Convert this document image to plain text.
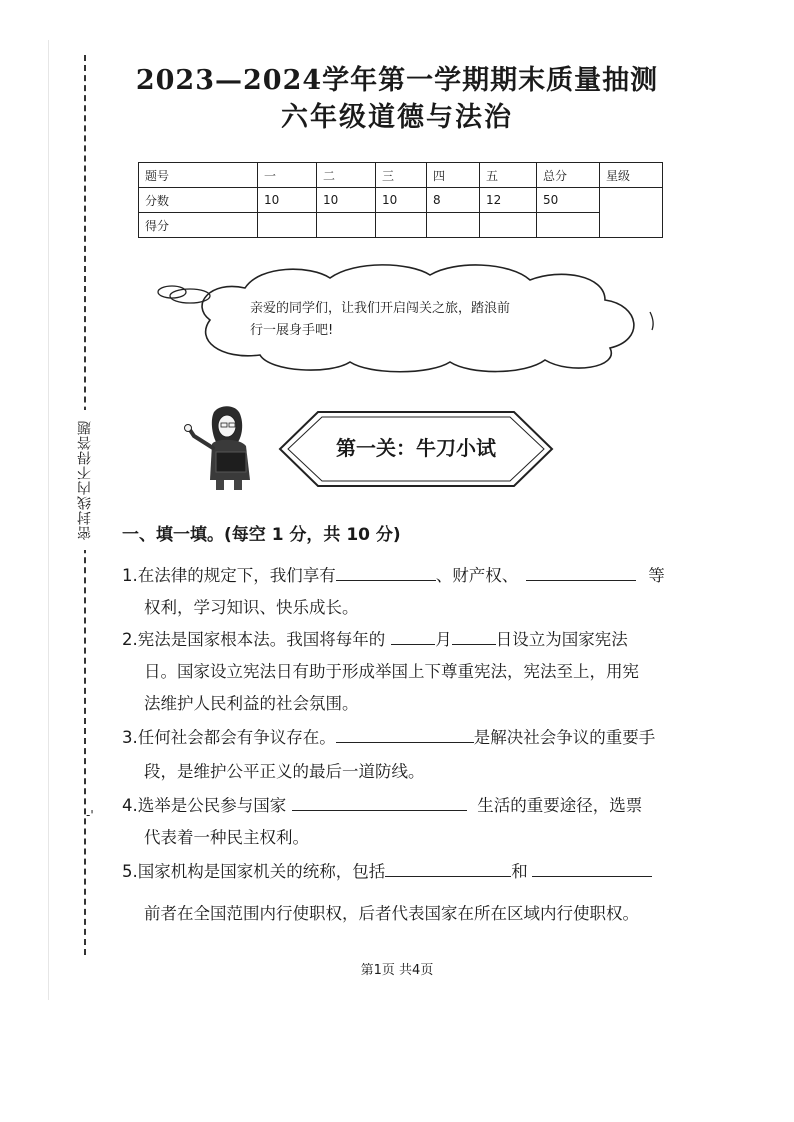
密封线内不得答题
-'
2023—2024学年第一学期期末质量抽测
六年级道德与法治
题号	一	二	三	四	五	总分	星级
分数	10	10	10	8	12	50	
得分							
亲爱的同学们，让我们开启闯关之旅，踏浪前
行一展身手吧!
第一关：牛刀小试
一、填一填。(每空 1 分，共 10 分)
1.在法律的规定下，我们享有	、财产权、	等
权利，学习知识、快乐成长。
2.宪法是国家根本法。我国将每年的	月	日设立为国家宪法
日。国家设立宪法日有助于形成举国上下尊重宪法，宪法至上，用宪
法维护人民利益的社会氛围。
3.任何社会都会有争议存在。	是解决社会争议的重要手
段，是维护公平正义的最后一道防线。
4.选举是公民参与国家	生活的重要途径，选票
代表着一种民主权利。
5.国家机构是国家机关的统称，包括	和
前者在全国范围内行使职权，后者代表国家在所在区域内行使职权。
第1页 共4页
